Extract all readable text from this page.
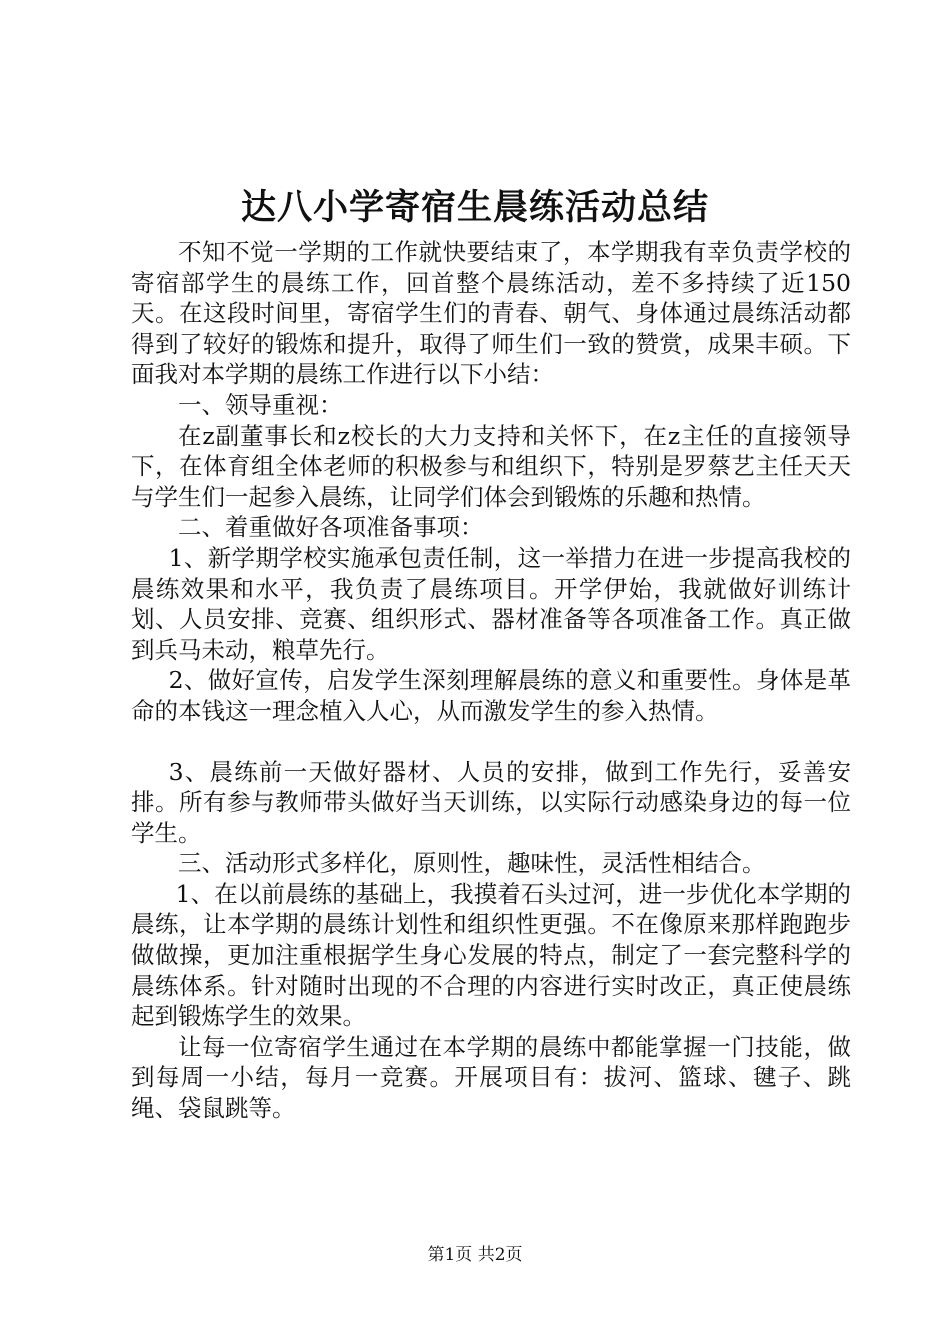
达八小学寄宿生晨练活动总结

不知不觉一学期的工作就快要结束了，本学期我有幸负责学校的寄宿部学生的晨练工作，回首整个晨练活动，差不多持续了近150天。在这段时间里，寄宿学生们的青春、朝气、身体通过晨练活动都得到了较好的锻炼和提升，取得了师生们一致的赞赏，成果丰硕。下面我对本学期的晨练工作进行以下小结：

一、领导重视：

在z副董事长和z校长的大力支持和关怀下，在z主任的直接领导下，在体育组全体老师的积极参与和组织下，特别是罗蔡艺主任天天与学生们一起参入晨练，让同学们体会到锻炼的乐趣和热情。

二、着重做好各项准备事项：

1、新学期学校实施承包责任制，这一举措力在进一步提高我校的晨练效果和水平，我负责了晨练项目。开学伊始，我就做好训练计划、人员安排、竞赛、组织形式、器材准备等各项准备工作。真正做到兵马未动，粮草先行。

2、做好宣传，启发学生深刻理解晨练的意义和重要性。身体是革命的本钱这一理念植入人心，从而激发学生的参入热情。

3、晨练前一天做好器材、人员的安排，做到工作先行，妥善安排。所有参与教师带头做好当天训练，以实际行动感染身边的每一位学生。

三、活动形式多样化，原则性，趣味性，灵活性相结合。

1、在以前晨练的基础上，我摸着石头过河，进一步优化本学期的晨练，让本学期的晨练计划性和组织性更强。不在像原来那样跑跑步做做操，更加注重根据学生身心发展的特点，制定了一套完整科学的晨练体系。针对随时出现的不合理的内容进行实时改正，真正使晨练起到锻炼学生的效果。

让每一位寄宿学生通过在本学期的晨练中都能掌握一门技能，做到每周一小结，每月一竞赛。开展项目有：拔河、篮球、毽子、跳绳、袋鼠跳等。

第1页 共2页
